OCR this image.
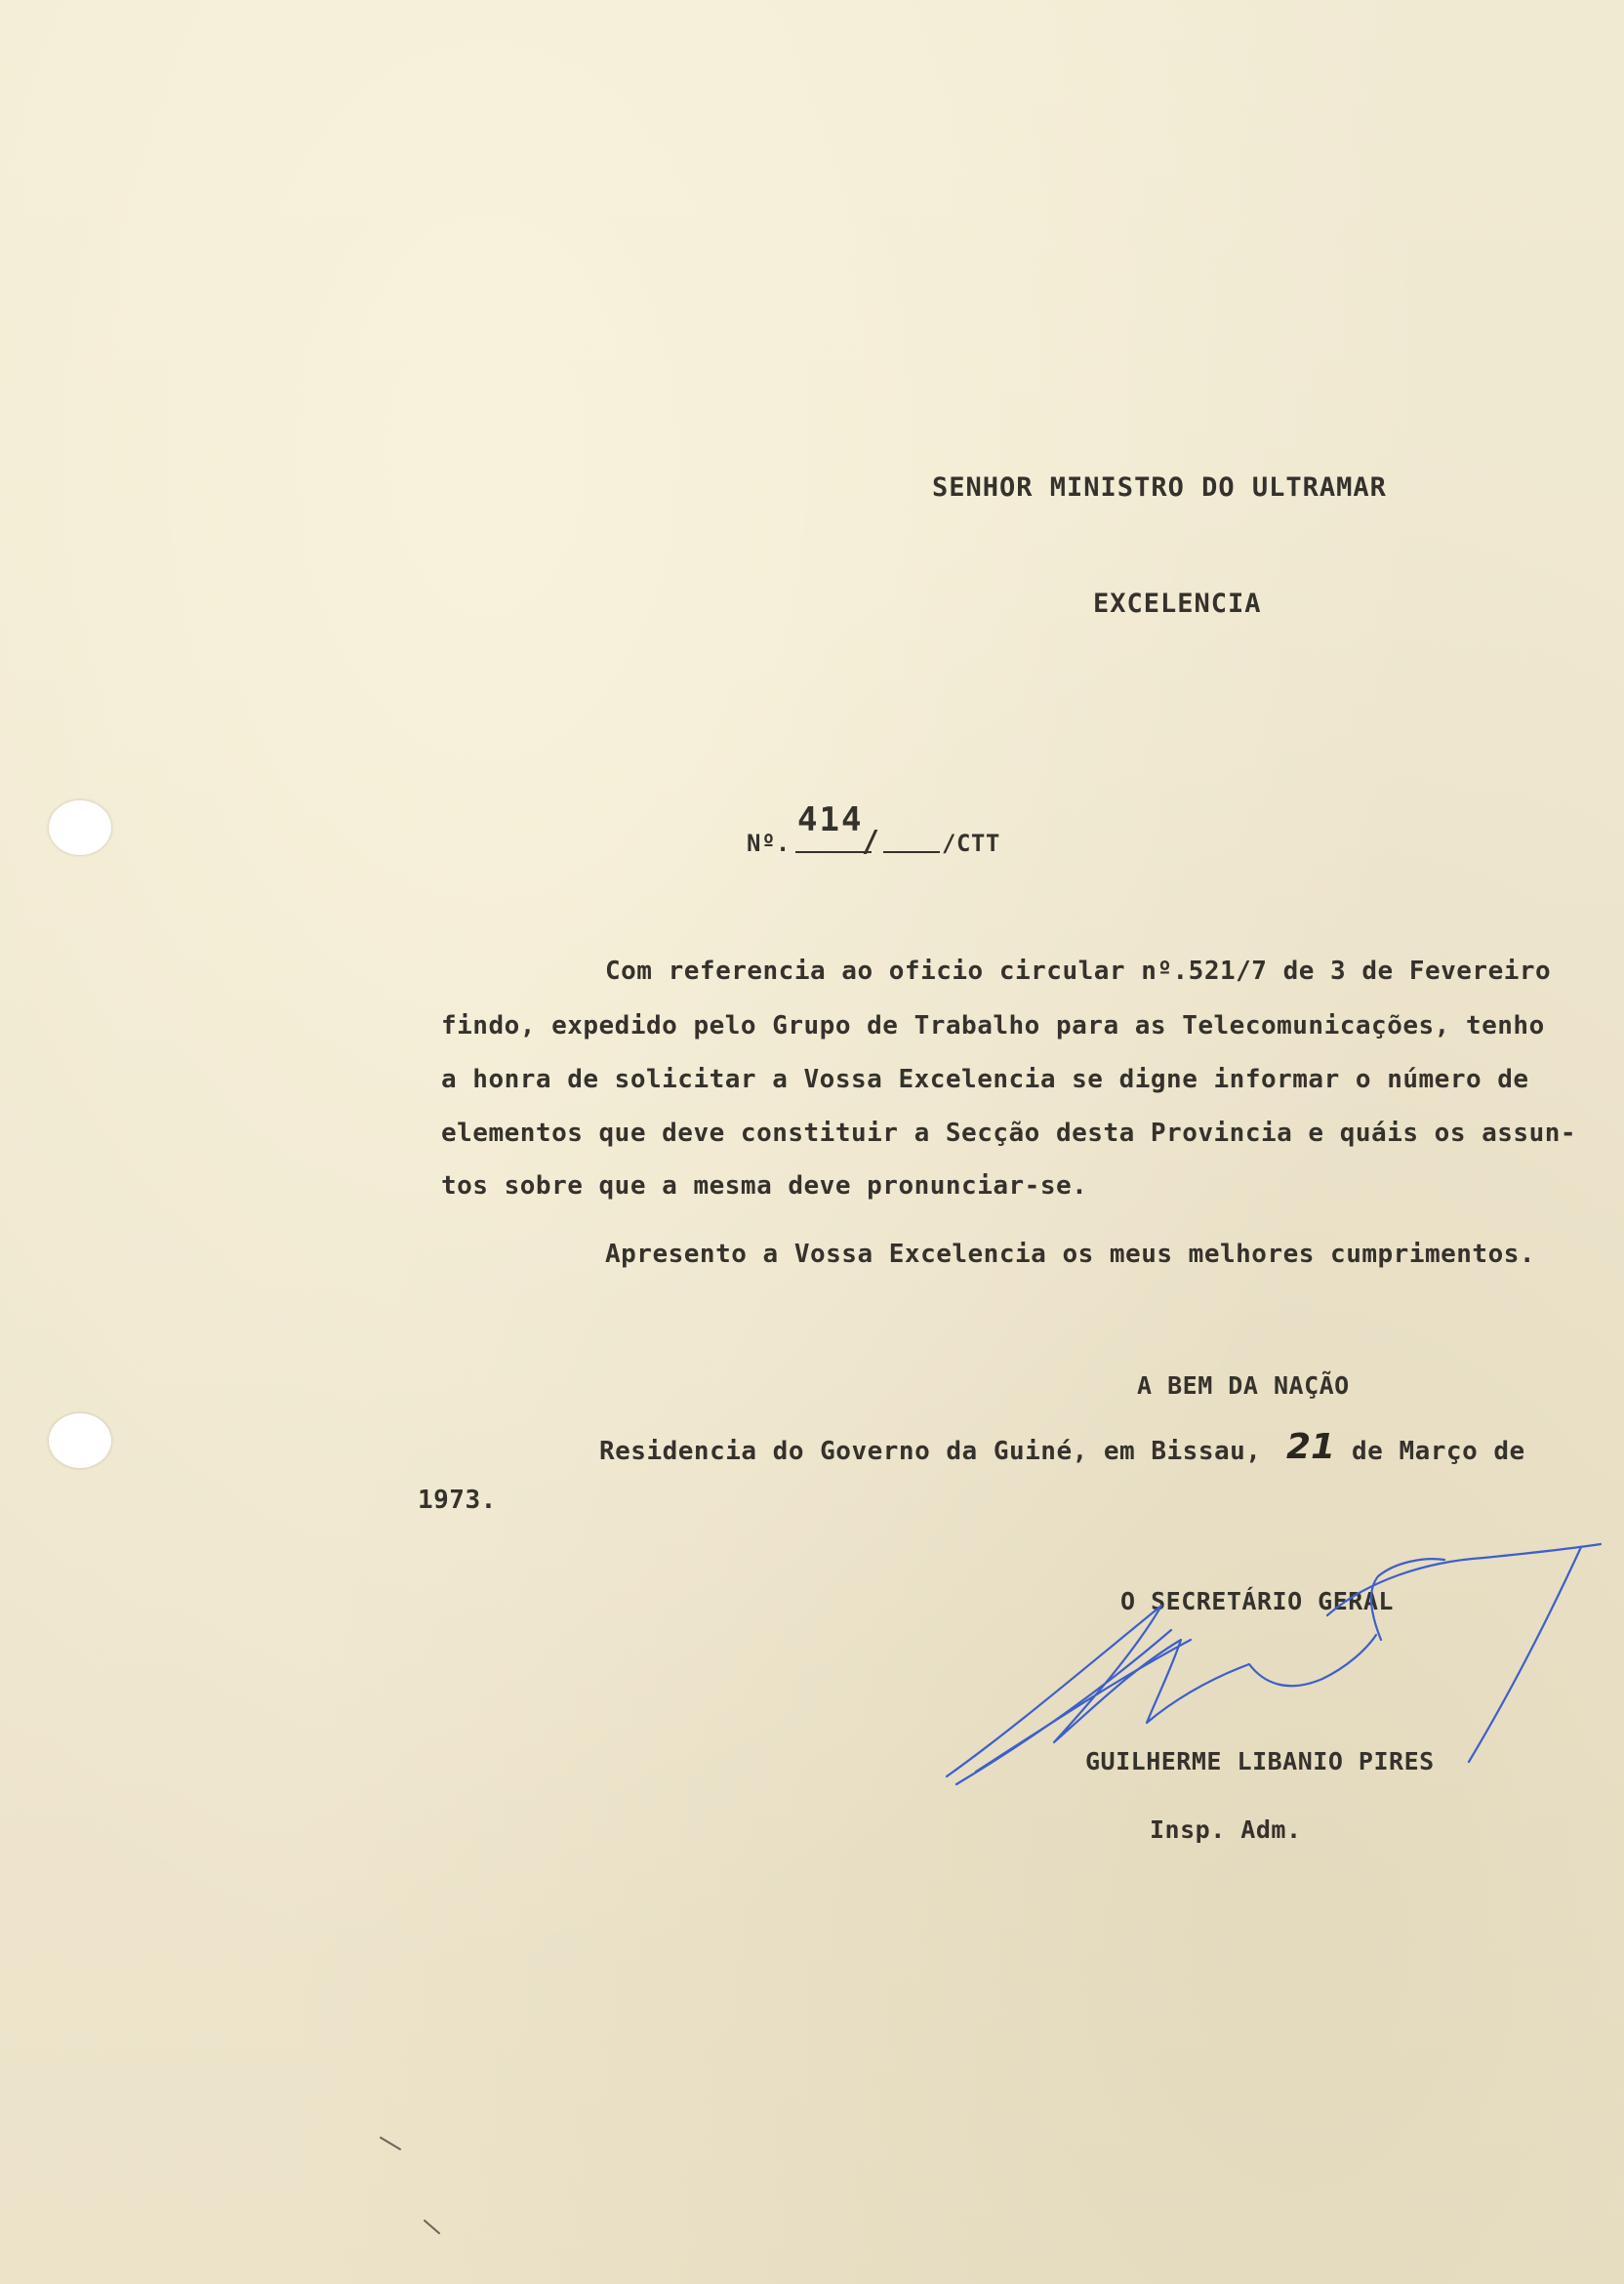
SENHOR MINISTRO DO ULTRAMAR

EXCELENCIA

Nº.
414
/	/CTT

Com referencia ao oficio circular nº.521/7 de 3 de Fevereiro

findo, expedido pelo Grupo de Trabalho para as Telecomunicações, tenho

a honra de solicitar a Vossa Excelencia se digne informar o número de

elementos que deve constituir a Secção desta Provincia e quáis os assun-

tos sobre que a mesma deve pronunciar-se.

Apresento a Vossa Excelencia os meus melhores cumprimentos.

A BEM DA NAÇÃO

Residencia do Governo da Guiné, em Bissau, 21 de Março de

1973.

O SECRETÁRIO GERAL

GUILHERME LIBANIO PIRES

Insp. Adm.
